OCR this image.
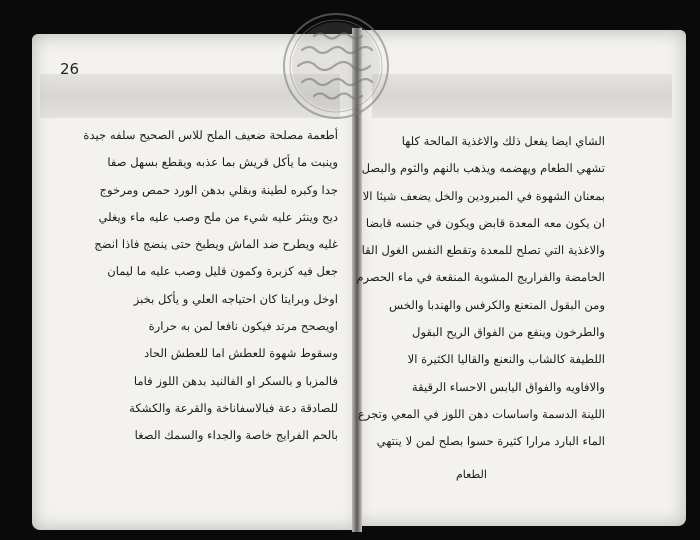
26
أطعمة مصلحة ضعيف الملح للاس الصحيح سلفه جيدة
وينبت ما يأكل قريش بما عذبه ويقطع بسهل صفا
جدا وكبره لطينة وبقلي بدهن الورد حمص ومرخوج
ديح وينثر عليه شيء من ملح وصب عليه ماء ويغلي
غليه ويطرح ضد الماش ويطبخ حتى ينضج فاذا انضج
جعل فيه كزبرة وكمون قليل وصب عليه ما ليمان
اوخل وبرايتا كان احتياجه العلي و يأكل بخبز
اويصحح مرتد فيكون نافعا لمن به حرارة
وسقوط شهوة للعطش اما للعطش الحاد
فالمزبا و بالسكر او الفالنيد بدهن اللوز فاما
للصادقة دعة فبالاسفاناخة والقرعة والكشكة
بالحم الفرايج خاصة والجداء والسمك الصغا
الشاي ايضا يفعل ذلك والاغذية المالحة كلها
تشهي الطعام ويهضمه ويذهب بالنهم والثوم والبصل
بمعنان الشهوة في المبرودين والخل يضعف شيئا الا
ان يكون معه المعدة قابض ويكون في جنسه قابضا
والاغذية التي تصلح للمعدة وتقطع النفس الغول القا
الحامضة والفراريج المشوية المنقعة في ماء الحصرم
ومن البقول المنعنع والكرفس والهندبا والخس
والطرخون وينفع من الفواق الريح البقول
اللطيفة كالشاب والنعنع والقاليا الكثيرة الا
والافاويه والفواق اليابس الاحساء الرقيقة
اللينة الدسمة واساسات دهن اللوز في المعي وتجرع
الماء البارد مرارا كثيرة حسوا بصلح لمن لا ينتهي
الطعام
